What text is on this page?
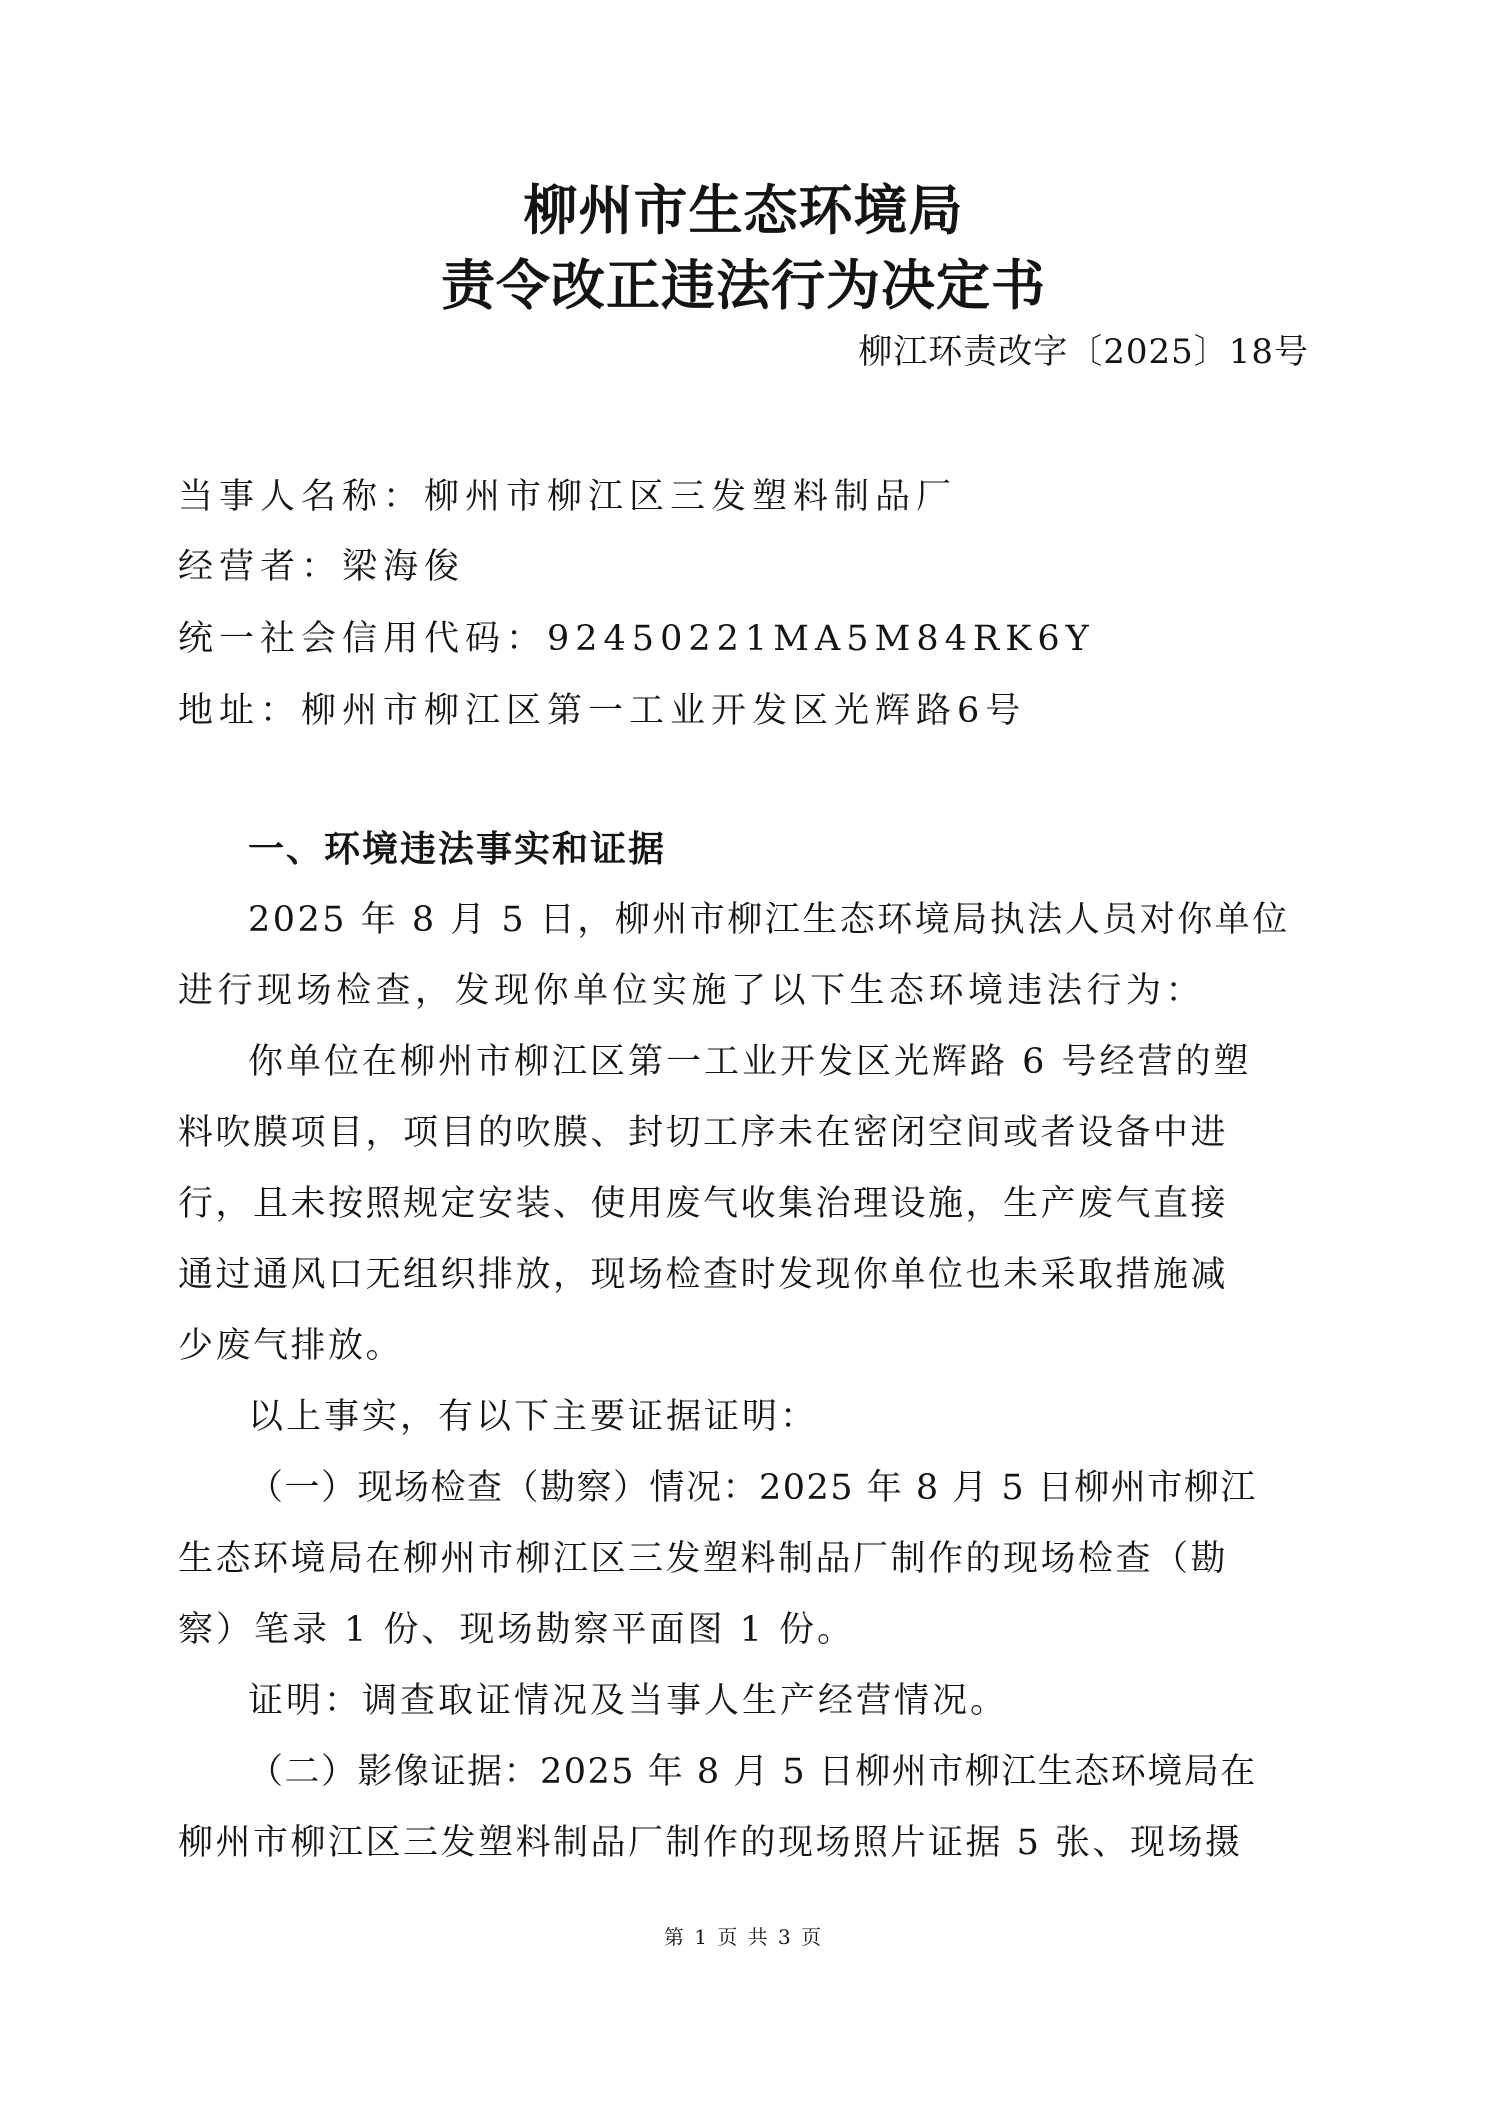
柳州市生态环境局
责令改正违法行为决定书
柳江环责改字〔2025〕18号
当事人名称：柳州市柳江区三发塑料制品厂
经营者：梁海俊
统一社会信用代码：92450221MA5M84RK6Y
地址：柳州市柳江区第一工业开发区光辉路6号
一、环境违法事实和证据
2025 年 8 月 5 日，柳州市柳江生态环境局执法人员对你单位
进行现场检查，发现你单位实施了以下生态环境违法行为：
你单位在柳州市柳江区第一工业开发区光辉路 6 号经营的塑
料吹膜项目，项目的吹膜、封切工序未在密闭空间或者设备中进
行，且未按照规定安装、使用废气收集治理设施，生产废气直接
通过通风口无组织排放，现场检查时发现你单位也未采取措施减
少废气排放。
以上事实，有以下主要证据证明：
（一）现场检查（勘察）情况：2025 年 8 月 5 日柳州市柳江
生态环境局在柳州市柳江区三发塑料制品厂制作的现场检查（勘
察）笔录 1 份、现场勘察平面图 1 份。
证明：调查取证情况及当事人生产经营情况。
（二）影像证据：2025 年 8 月 5 日柳州市柳江生态环境局在
柳州市柳江区三发塑料制品厂制作的现场照片证据 5 张、现场摄
第 1 页 共 3 页
